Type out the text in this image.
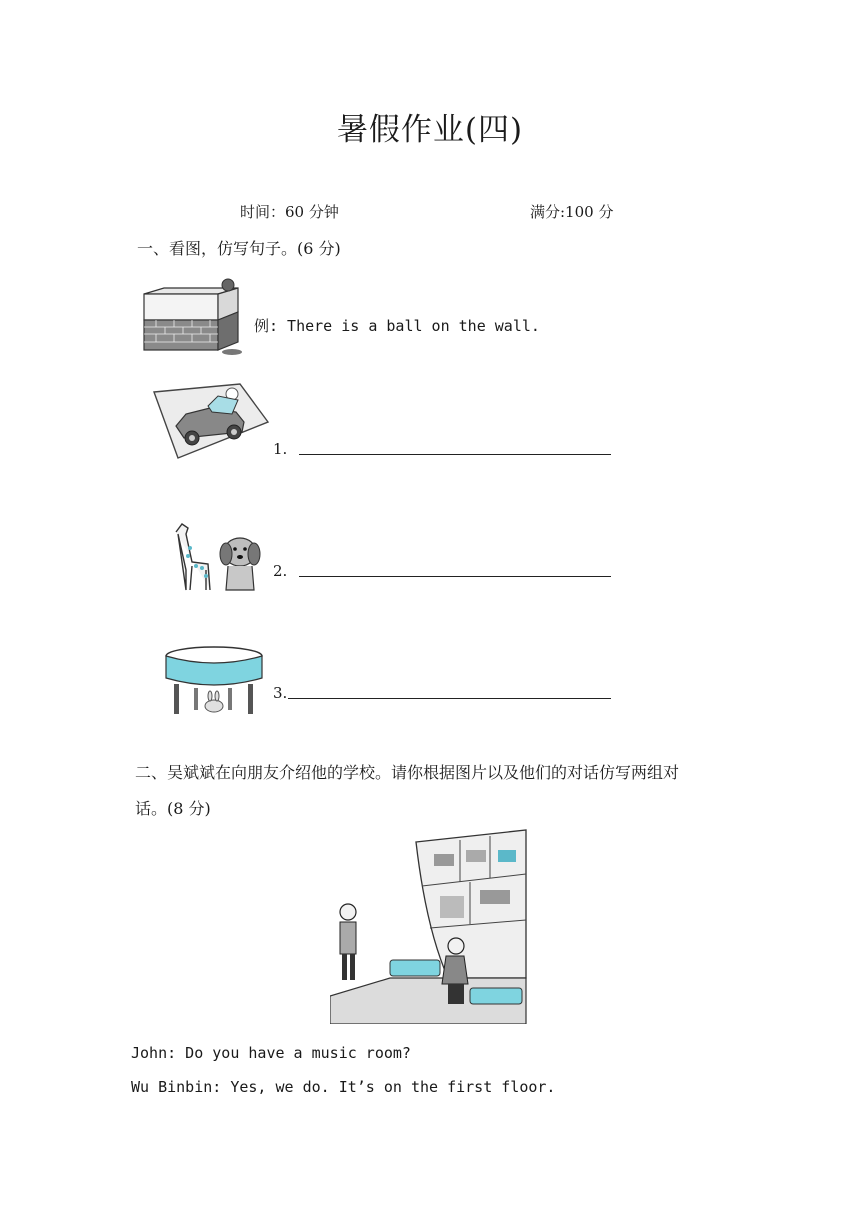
暑假作业(四)
时间：60 分钟	满分:100 分
一、看图，仿写句子。(6 分)
例: There is a ball on the wall.
1.
2.
3.
二、吴斌斌在向朋友介绍他的学校。请你根据图片以及他们的对话仿写两组对
话。(8 分)
John: Do you have a music room?
Wu Binbin: Yes, we do. It’s on the first floor.
